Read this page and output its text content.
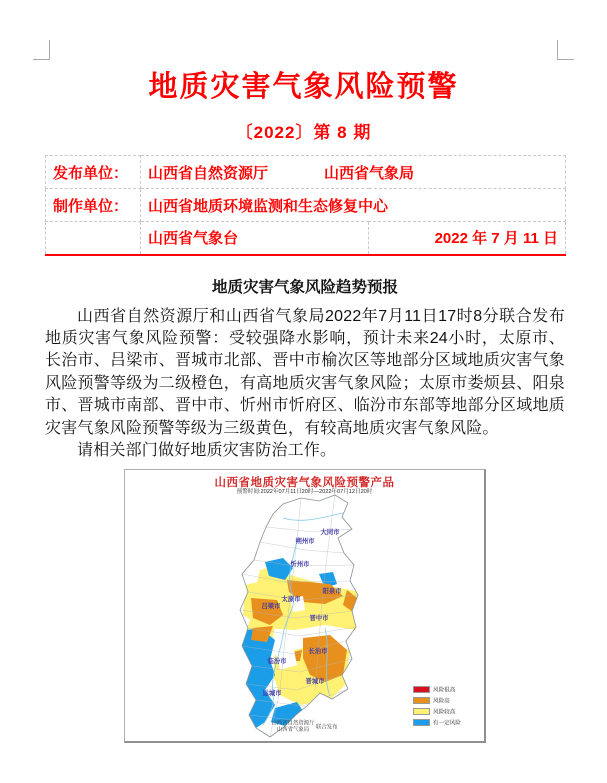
地质灾害气象风险预警
〔2022〕第 8 期
发布单位：	山西省自然资源厅 山西省气象局	
制作单位：	山西省地质环境监测和生态修复中心	
	山西省气象台	2022 年 7 月 11 日
地质灾害气象风险趋势预报

山西省自然资源厅和山西省气象局2022年7月11日17时8分联合发布地质灾害气象风险预警：受较强降水影响，预计未来24小时，太原市、长治市、吕梁市、晋城市北部、晋中市榆次区等地部分区域地质灾害气象风险预警等级为二级橙色，有高地质灾害气象风险；太原市娄烦县、阳泉市、晋城市南部、晋中市、忻州市忻府区、临汾市东部等地部分区域地质灾害气象风险预警等级为三级黄色，有较高地质灾害气象风险。

请相关部门做好地质灾害防治工作。

山西省地质灾害气象风险预警产品
预警时间:2022年07月11日20时—2022年07月12日20时
大同市
朔州市
忻州市
太原市
阳泉市
吕梁市
晋中市
长治市
临汾市
晋城市
运城市
风险很高
风险高
风险较高
有一定风险
山西省自然资源厅
山西省气象局 联合发布
